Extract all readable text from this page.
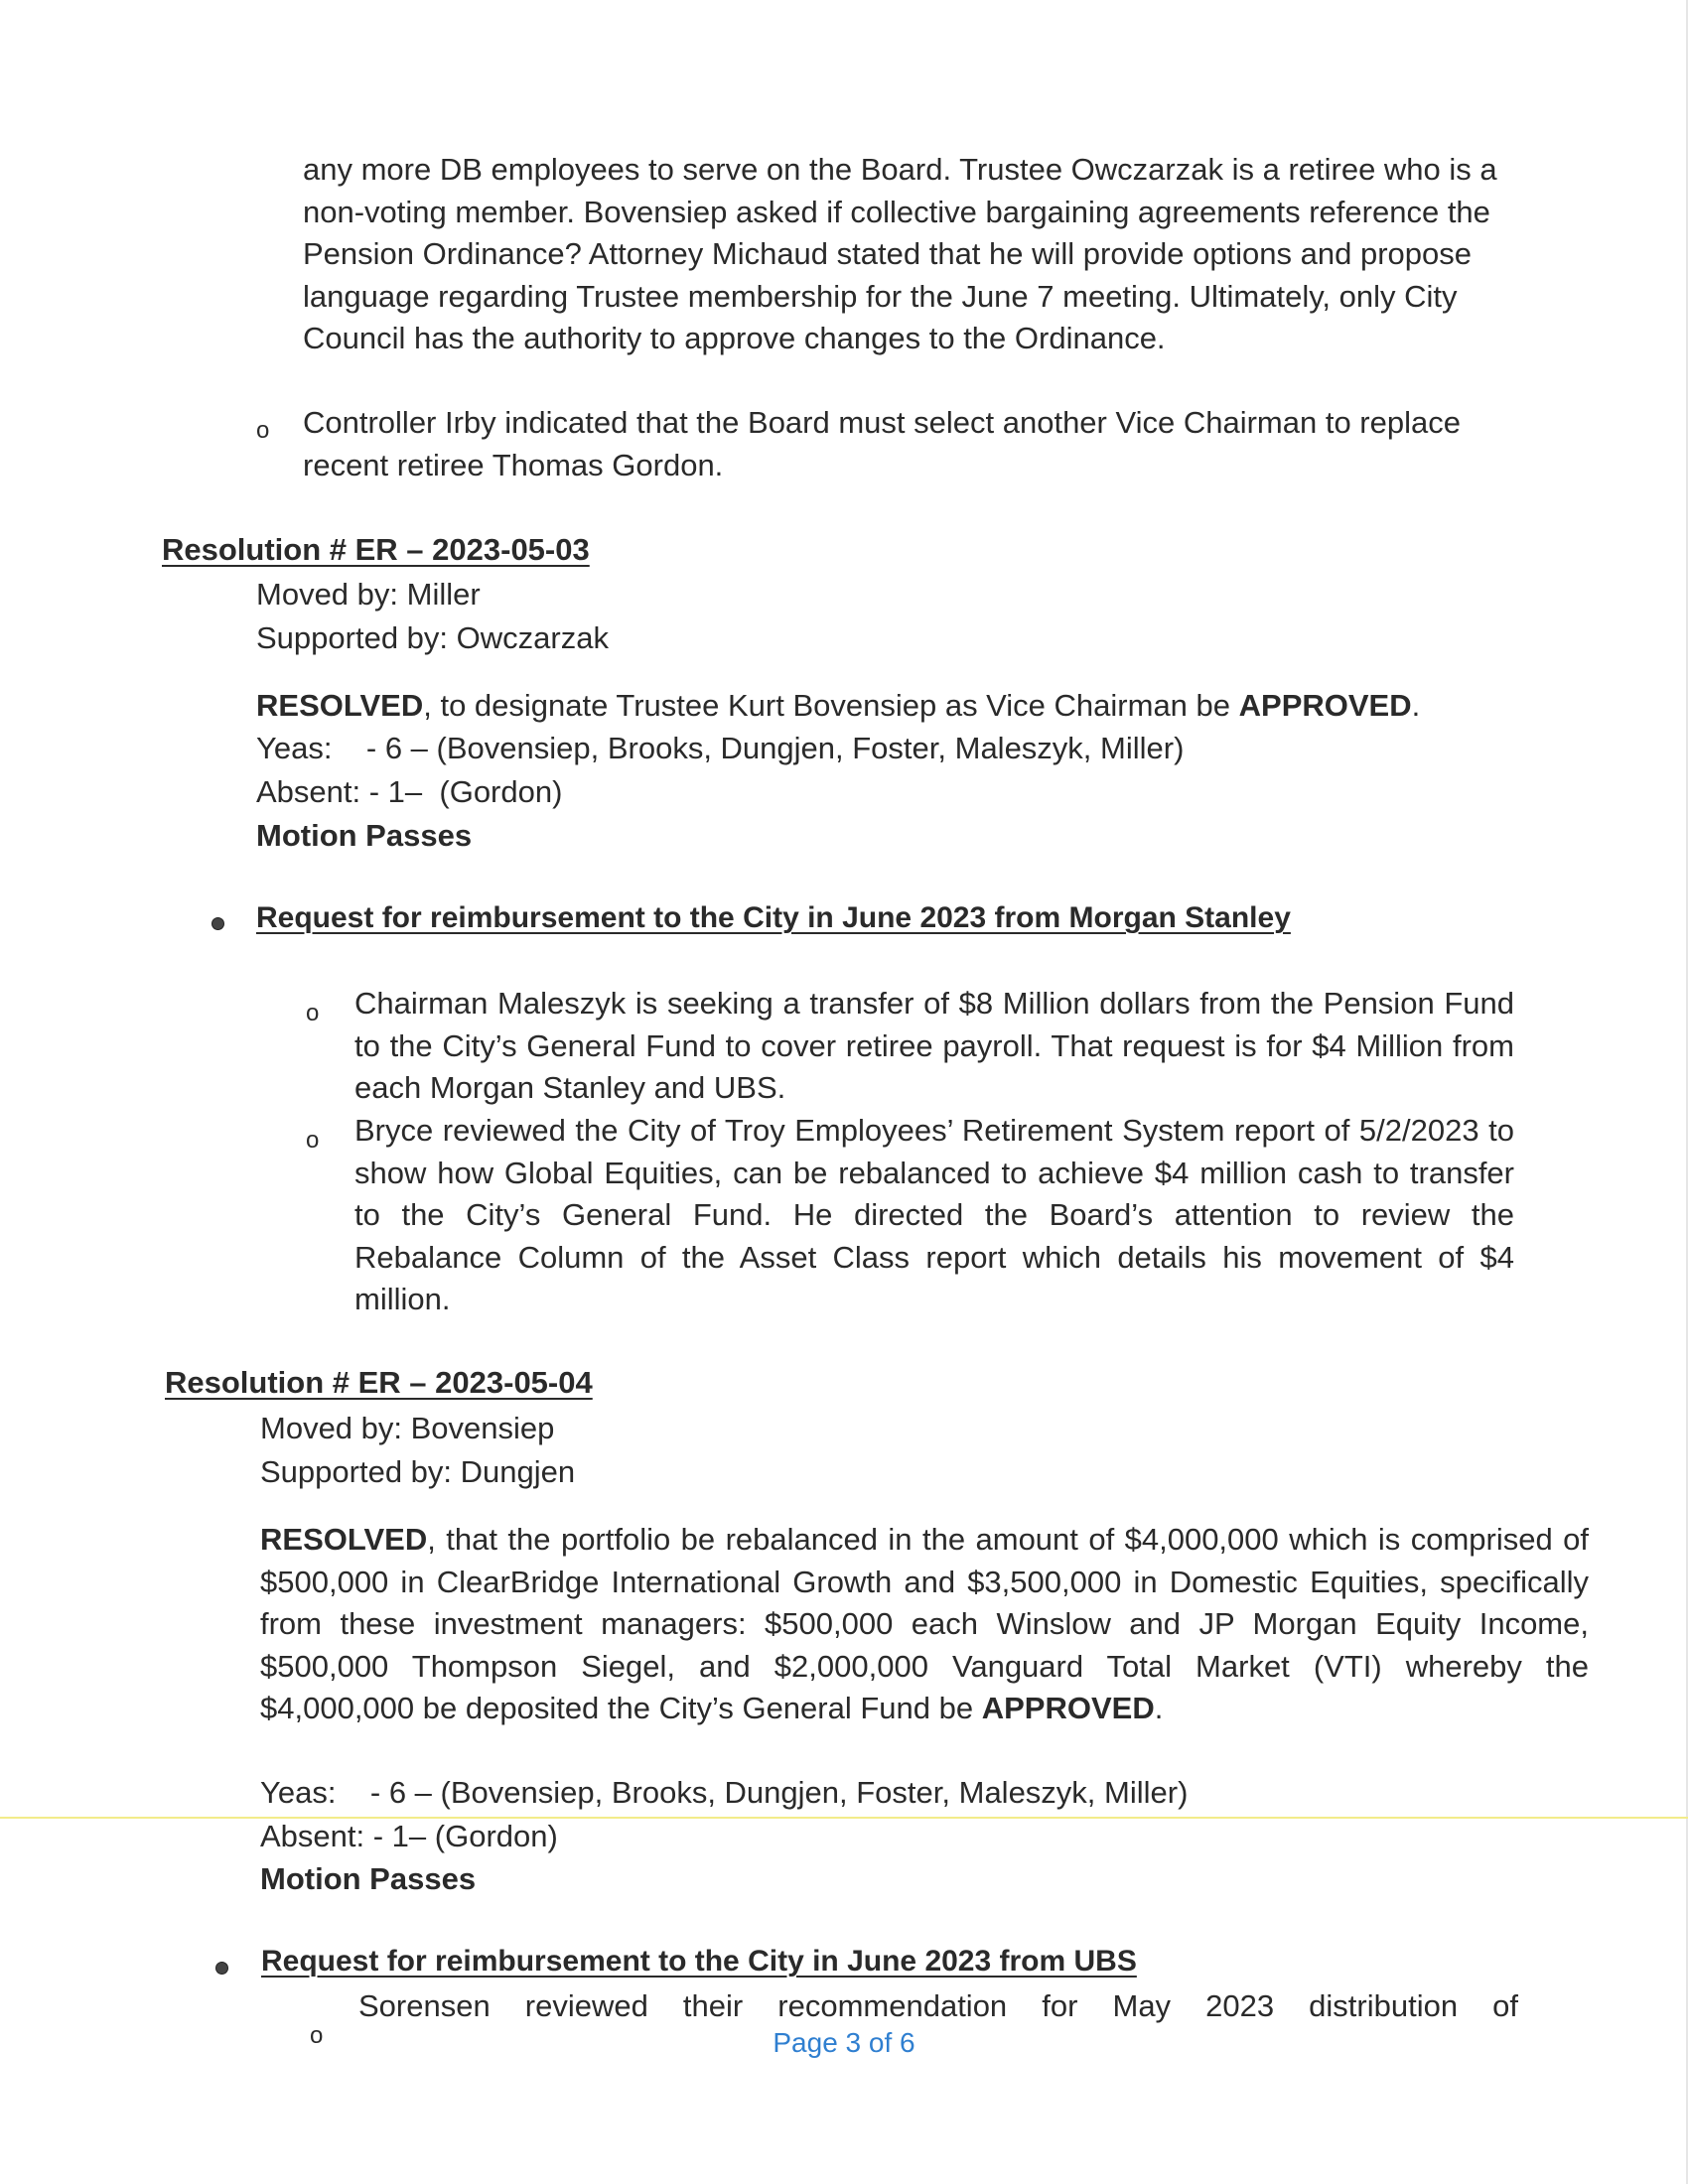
any more DB employees to serve on the Board. Trustee Owczarzak is a retiree who is a non-voting member. Bovensiep asked if collective bargaining agreements reference the Pension Ordinance? Attorney Michaud stated that he will provide options and propose language regarding Trustee membership for the June 7 meeting. Ultimately, only City Council has the authority to approve changes to the Ordinance.

o Controller Irby indicated that the Board must select another Vice Chairman to replace recent retiree Thomas Gordon.

Resolution # ER – 2023-05-03
Moved by: Miller
Supported by: Owczarzak
RESOLVED, to designate Trustee Kurt Bovensiep as Vice Chairman be APPROVED.
Yeas:    - 6 – (Bovensiep, Brooks, Dungjen, Foster, Maleszyk, Miller)
Absent: - 1–  (Gordon)
Motion Passes
Request for reimbursement to the City in June 2023 from Morgan Stanley
o Chairman Maleszyk is seeking a transfer of $8 Million dollars from the Pension Fund to the City’s General Fund to cover retiree payroll. That request is for $4 Million from each Morgan Stanley and UBS.

o Bryce reviewed the City of Troy Employees’ Retirement System report of 5/2/2023 to show how Global Equities, can be rebalanced to achieve $4 million cash to transfer to the City’s General Fund. He directed the Board’s attention to review the Rebalance Column of the Asset Class report which details his movement of $4 million.

Resolution # ER – 2023-05-04
Moved by: Bovensiep
Supported by: Dungjen

RESOLVED, that the portfolio be rebalanced in the amount of $4,000,000 which is comprised of $500,000 in ClearBridge International Growth and $3,500,000 in Domestic Equities, specifically from these investment managers: $500,000 each Winslow and JP Morgan Equity Income, $500,000 Thompson Siegel, and $2,000,000 Vanguard Total Market (VTI) whereby the $4,000,000 be deposited the City’s General Fund be APPROVED.

Yeas:    - 6 – (Bovensiep, Brooks, Dungjen, Foster, Maleszyk, Miller)
Absent: - 1– (Gordon)
Motion Passes
Request for reimbursement to the City in June 2023 from UBS
o

Sorensen reviewed their recommendation for May 2023 distribution of

Page 3 of 6
